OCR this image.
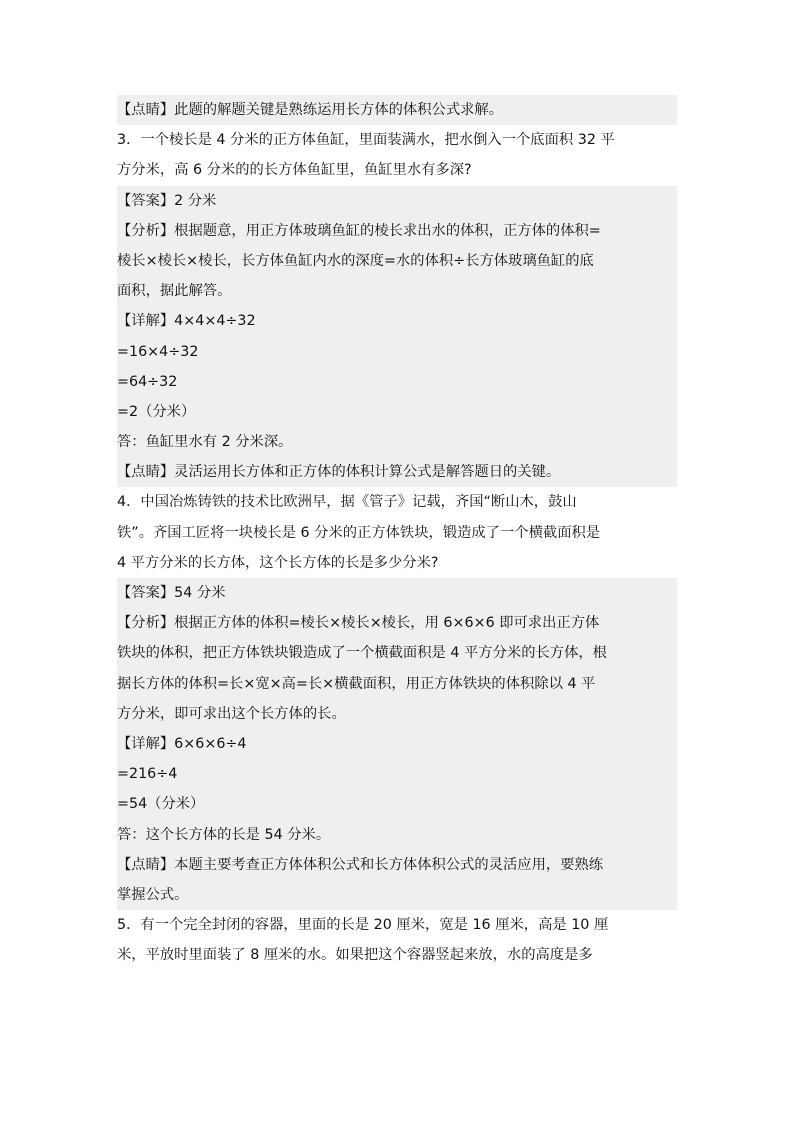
【点睛】此题的解题关键是熟练运用长方体的体积公式求解。
3．一个棱长是 4 分米的正方体鱼缸，里面装满水，把水倒入一个底面积 32 平
方分米，高 6 分米的的长方体鱼缸里，鱼缸里水有多深?
【答案】2 分米
【分析】根据题意，用正方体玻璃鱼缸的棱长求出水的体积，正方体的体积=
棱长×棱长×棱长，长方体鱼缸内水的深度=水的体积÷长方体玻璃鱼缸的底
面积，据此解答。
【详解】4×4×4÷32
=16×4÷32
=64÷32
=2（分米）
答：鱼缸里水有 2 分米深。
【点睛】灵活运用长方体和正方体的体积计算公式是解答题日的关键。
4．中国冶炼铸铁的技术比欧洲早，据《管子》记载，齐国“断山木，鼓山
铁”。齐国工匠将一块棱长是 6 分米的正方体铁块，锻造成了一个横截面积是
4 平方分米的长方体，这个长方体的长是多少分米?
【答案】54 分米
【分析】根据正方体的体积=棱长×棱长×棱长，用 6×6×6 即可求出正方体
铁块的体积，把正方体铁块锻造成了一个横截面积是 4 平方分米的长方体，根
据长方体的体积=长×宽×高=长×横截面积，用正方体铁块的体积除以 4 平
方分米，即可求出这个长方体的长。
【详解】6×6×6÷4
=216÷4
=54（分米）
答：这个长方体的长是 54 分米。
【点睛】本题主要考查正方体体积公式和长方体体积公式的灵活应用，要熟练
掌握公式。
5．有一个完全封闭的容器，里面的长是 20 厘米，宽是 16 厘米，高是 10 厘
米，平放时里面装了 8 厘米的水。如果把这个容器竖起来放，水的高度是多
